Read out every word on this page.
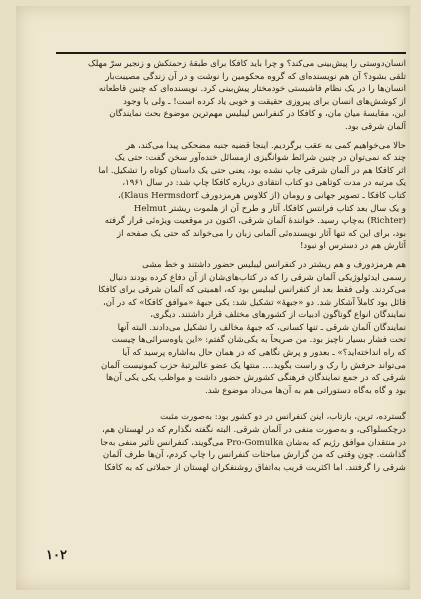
انسان‌دوستی را پیش‌بینی می‌کند؟ و چرا باید کافکا برای طبقهٔ زحمتکش و زنجیر سرّ مهلک
تلقی بشود؟ آن هم نویسنده‌ای که گروه محکومین را نوشت و در آن زندگی مصیبت‌بار
انسان‌ها را در یک نظام فاشیستی خودمختار پیش‌بینی کرد. نویسنده‌ای که چنین قاطعانه
از کوشش‌های انسان برای پیروزی حقیقت و خوبی یاد کرده است! ـ ولی با وجود
این، مقایسهٔ میان مان، و کافکا در کنفرانس لیبلیس مهم‌ترین موضوع بحث نمایندگان
آلمان شرقی بود.

حالا می‌خواهیم کمی به عقب برگردیم. اینجا قضیه جنبه مضحکی پیدا می‌کند، هر
چند که نمی‌توان در چنین شرائط شوانگیزی ازمسائل خنده‌آور سخن گفت: حتی یک
اثر کافکا هم در آلمان شرقی چاپ نشده بود، یعنی حتی یک داستان کوتاه را تشکیل. اما
یک مرتبه در مدت کوتاهی دو کتاب انتقادی درباره کافکا چاپ شد: در سال ۱۹۶۱،
کتاب کافکا ـ تصویر جهانی و رومان (از کلاوس هرمزدورف Klaus Hermsdorf)،
و یک سال بعد کتاب فرانتس کافکا، آثار و طرح آن از هلموت ریشتر Helmut
(Richter) به‌چاپ رسید. خوانندهٔ آلمان شرقی، اکنون در موقعیت ویژه‌ئی قرار گرفته
بود، برای این که تنها آثار نویسنده‌ئی آلمانی زبان را می‌خواند که حتی یک صفحه از
آثارش هم در دسترس او نبود!

هم هرمزدورف و هم ریشتر در کنفرانس لیبلیس حضور داشتند و خط مشی
رسمی ایدئولوژیکی آلمان شرقی را که در کتاب‌های‌شان از آن دفاع کرده بودند دنبال
می‌کردند. ولی فقط بعد از کنفرانس لیبلیس بود که، اهمیتی که آلمان شرقی برای کافکا
قائل بود کاملاً آشکار شد. دو «جبههٔ» تشکیل شد: یکی جبههٔ «موافق کافکا» که در آن،
نمایندگان انواع گوناگون ادبیات از کشورهای مختلف قرار داشتند. دیگری،
نمایندگان آلمان شرقی ـ تنها کسانی، که جبههٔ مخالف را تشکیل می‌دادند. البته آنها
تحت فشار بسیار ناچیز بود. من صریحاً به یکی‌شان گفتم: «این یاوه‌سرائی‌ها چیست
که راه انداخته‌اید؟» ـ بعدور و پرش نگاهی که در همان حال به‌اشاره پرسید که آیا
می‌تواند حرفش را رک و راست بگوید.... منتها یک عضو عالیرتبهٔ حزب کمونیست آلمان
شرقی که در جمع نمایندگان فرهنگی کشورش حضور داشت و مواظب یکی یکی آن‌ها
بود و گاه به‌گاه دستوراتی هم به آن‌ها می‌داد موضوع شد.

گسترده، ترین، بازتاب، اینن کنفرانس در دو کشور بود: به‌صورت مثبت
درچکسلواکی، و به‌صورت منفی در آلمان شرقی. البته نگفته نگذارم که در لهستان هم،
در منتقدان موافق رژیم که به‌شان Pro-Gomulka می‌گویند، کنفرانس تأثیر منفی به‌جا
گذاشت. چون وقتی که من گزارش مباحثات کنفرانس را چاپ کردم، آن‌ها طرف آلمان
شرقی را گرفتند. اما اکثریت قریب به‌اتفاق روشنفکران لهستان از حملاتی که به کافکا

۱۰۲
